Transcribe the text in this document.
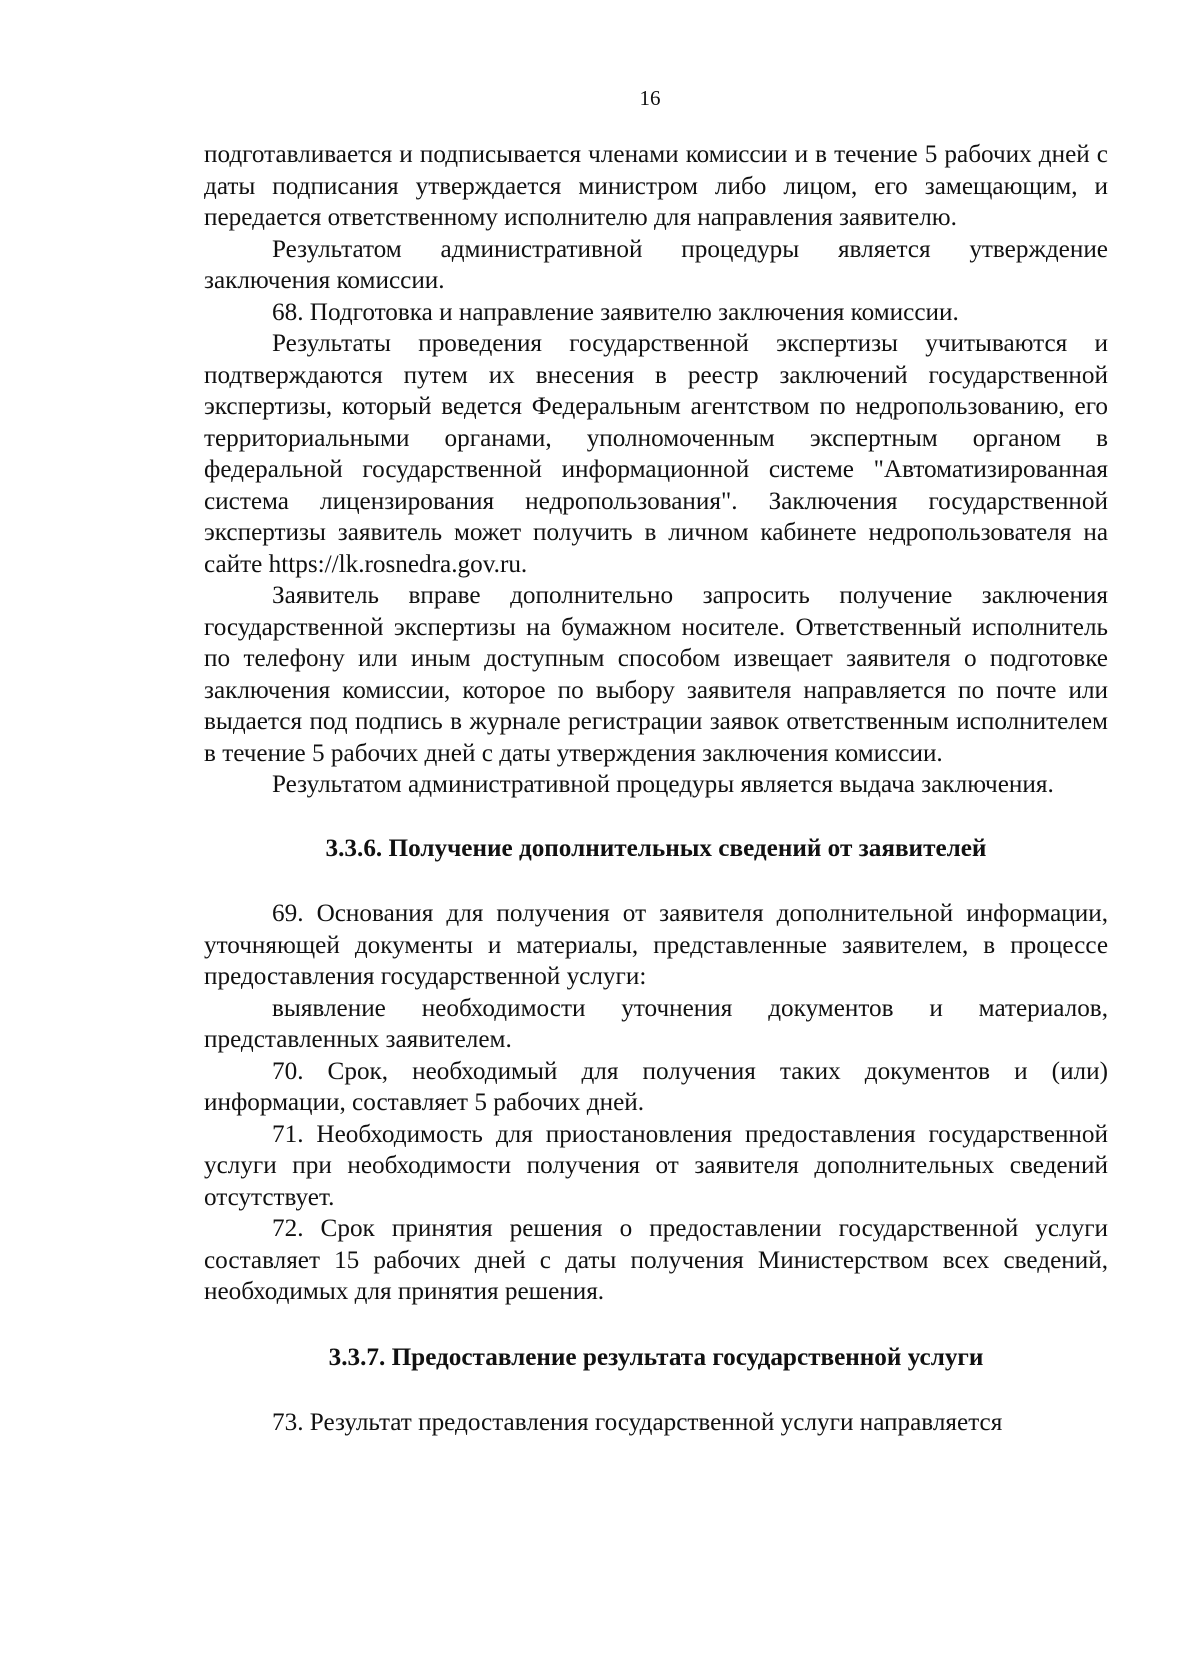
16

подготавливается и подписывается членами комиссии и в течение 5 рабочих дней с даты подписания утверждается министром либо лицом, его замещающим, и передается ответственному исполнителю для направления заявителю.

Результатом административной процедуры является утверждение заключения комиссии.

68. Подготовка и направление заявителю заключения комиссии.

Результаты проведения государственной экспертизы учитываются и подтверждаются путем их внесения в реестр заключений государственной экспертизы, который ведется Федеральным агентством по недропользованию, его территориальными органами, уполномоченным экспертным органом в федеральной государственной информационной системе "Автоматизированная система лицензирования недропользования". Заключения государственной экспертизы заявитель может получить в личном кабинете недропользователя на сайте https://lk.rosnedra.gov.ru.

Заявитель вправе дополнительно запросить получение заключения государственной экспертизы на бумажном носителе. Ответственный исполнитель по телефону или иным доступным способом извещает заявителя о подготовке заключения комиссии, которое по выбору заявителя направляется по почте или выдается под подпись в журнале регистрации заявок ответственным исполнителем в течение 5 рабочих дней с даты утверждения заключения комиссии.

Результатом административной процедуры является выдача заключения.

3.3.6. Получение дополнительных сведений от заявителей

69. Основания для получения от заявителя дополнительной информации, уточняющей документы и материалы, представленные заявителем, в процессе предоставления государственной услуги:

выявление необходимости уточнения документов и материалов, представленных заявителем.

70. Срок, необходимый для получения таких документов и (или) информации, составляет 5 рабочих дней.

71. Необходимость для приостановления предоставления государственной услуги при необходимости получения от заявителя дополнительных сведений отсутствует.

72. Срок принятия решения о предоставлении государственной услуги составляет 15 рабочих дней с даты получения Министерством всех сведений, необходимых для принятия решения.

3.3.7. Предоставление результата государственной услуги

73. Результат предоставления государственной услуги направляется
